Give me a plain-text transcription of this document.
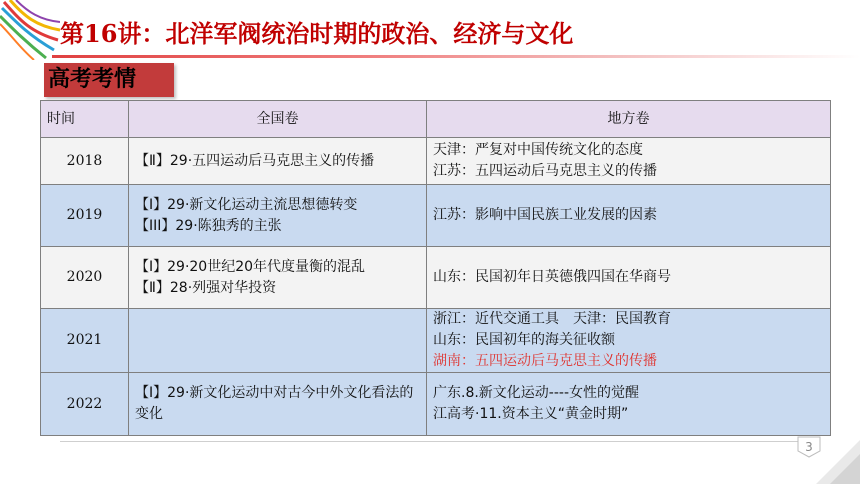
第16讲：北洋军阀统治时期的政治、经济与文化
高考考情
时间	全国卷	地方卷
2018	【Ⅱ】29·五四运动后马克思主义的传播	天津：严复对中国传统文化的态度
江苏：五四运动后马克思主义的传播

2019	【Ⅰ】29·新文化运动主流思想德转变
【III】29·陈独秀的主张	江苏：影响中国民族工业发展的因素

2020	【Ⅰ】29·20世纪20年代度量衡的混乱
【Ⅱ】28·列强对华投资	山东：民国初年日英德俄四国在华商号

2021		浙江：近代交通工具　天津：民国教育
山东：民国初年的海关征收额
湖南：五四运动后马克思主义的传播

2022	【Ⅰ】29·新文化运动中对古今中外文化看法的变化	广东.8.新文化运动----女性的觉醒
江高考·11.资本主义“黄金时期”
3
